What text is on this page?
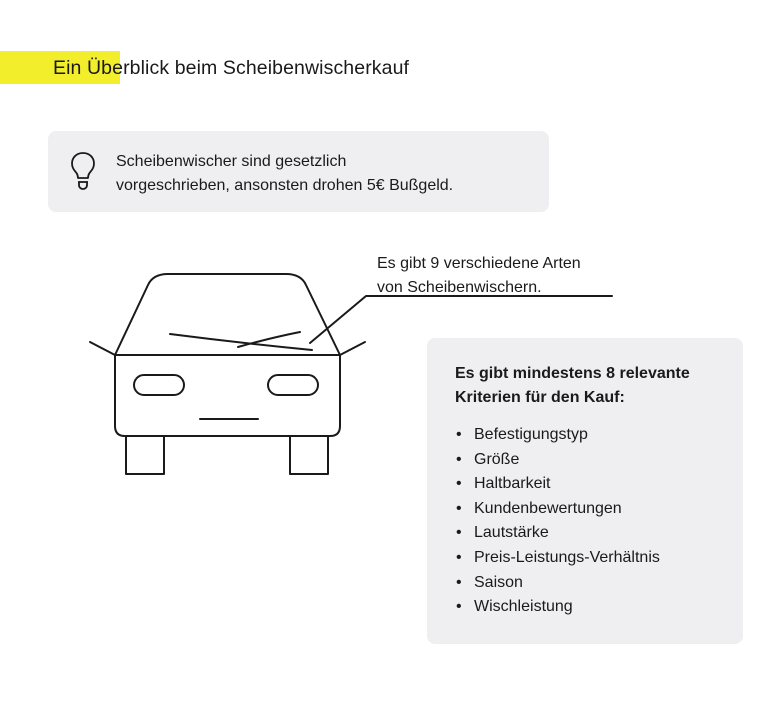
Ein Überblick beim Scheibenwischerkauf
Scheibenwischer sind gesetzlich
vorgeschrieben, ansonsten drohen 5€ Bußgeld.
Es gibt 9 verschiedene Arten
von Scheibenwischern.
Es gibt mindestens 8 relevante
Kriterien für den Kauf:
• Befestigungstyp
• Größe
• Haltbarkeit
• Kundenbewertungen
• Lautstärke
• Preis-Leistungs-Verhältnis
• Saison
• Wischleistung
